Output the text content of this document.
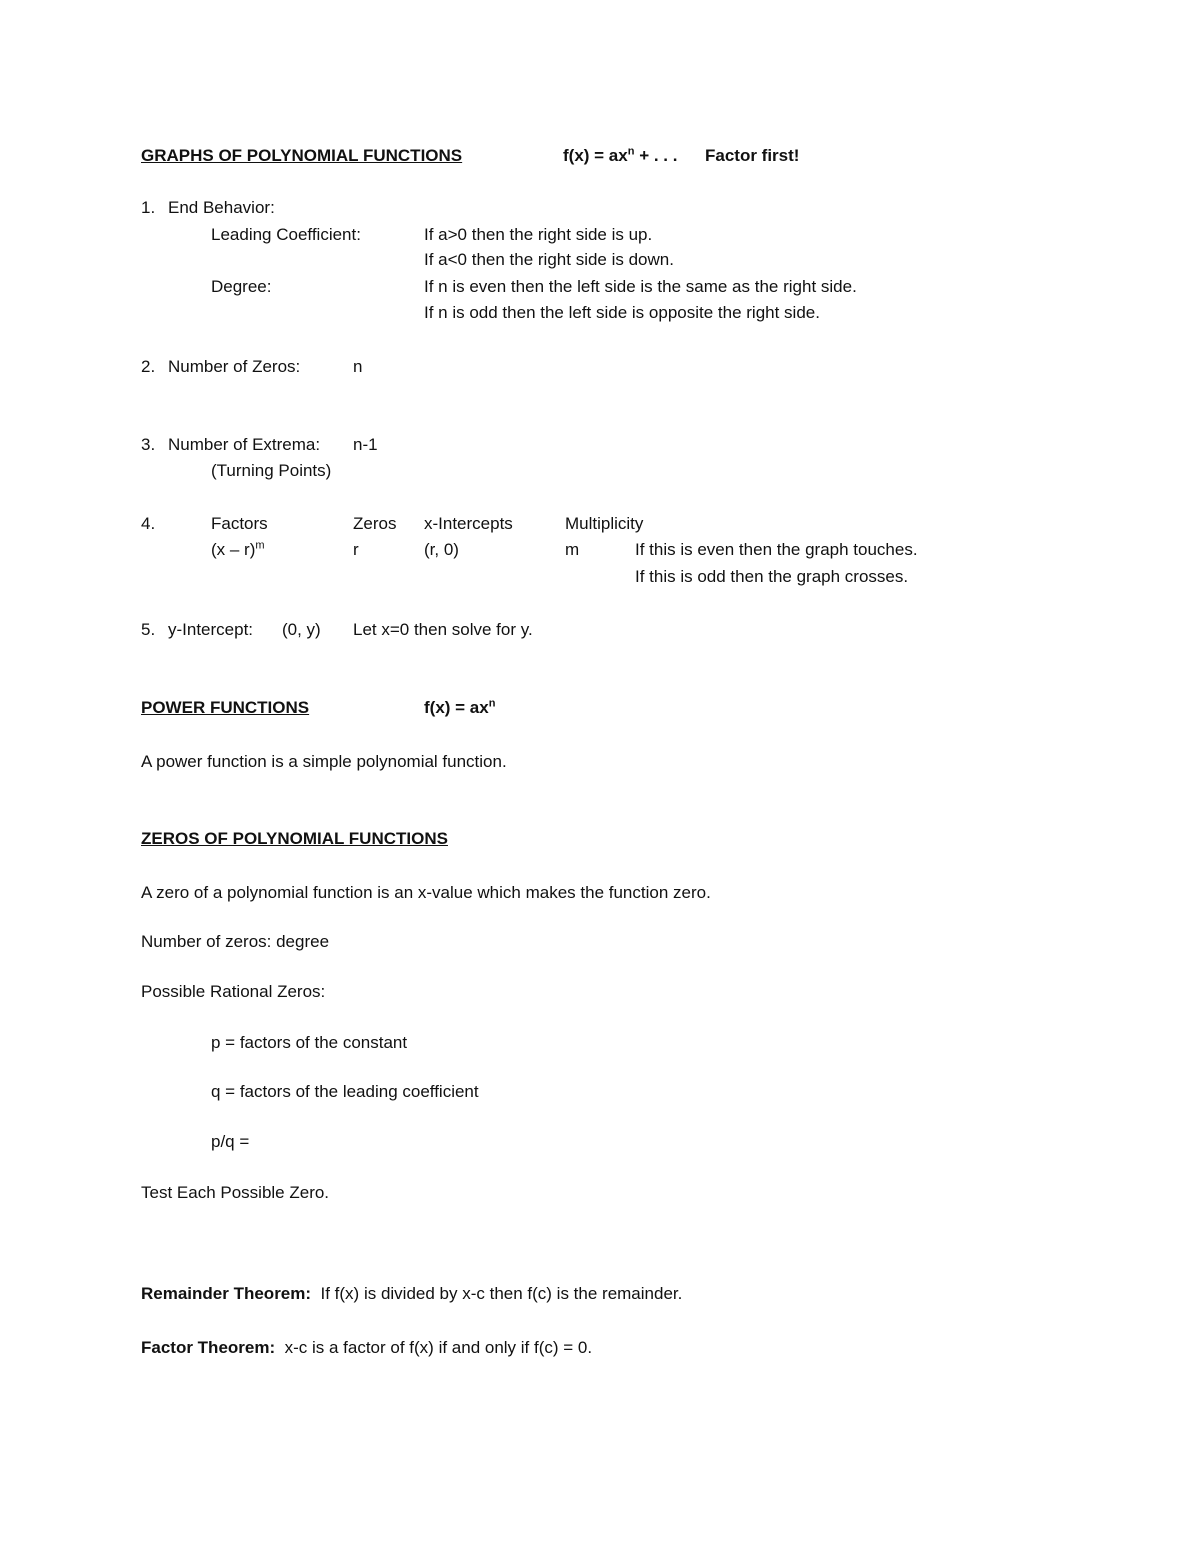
GRAPHS OF POLYNOMIAL FUNCTIONS	$f(x) = ax^n$ + . . . Factor first!
1. End Behavior:
Leading Coefficient:	If a>0 then the right side is up.
If a<0 then the right side is down.
Degree:	If n is even then the left side is the same as the right side.
If n is odd then the left side is opposite the right side.
2. Number of Zeros:	n
3. Number of Extrema: n-1
(Turning Points)
4.	Factors	Zeros x-Intercepts	Multiplicity
(x – r)$^m$	r	(r, 0)	m	If this is even then the graph touches.
If this is odd then the graph crosses.
5. y-Intercept: (0, y) Let x=0 then solve for y.
POWER FUNCTIONS	$f(x) = ax^n$
A power function is a simple polynomial function.
ZEROS OF POLYNOMIAL FUNCTIONS
A zero of a polynomial function is an x-value which makes the function zero.
Number of zeros: degree
Possible Rational Zeros:
p = factors of the constant
q = factors of the leading coefficient
p/q =
Test Each Possible Zero.
Remainder Theorem: If f(x) is divided by x-c then f(c) is the remainder.
Factor Theorem: x-c is a factor of f(x) if and only if f(c) = 0.
